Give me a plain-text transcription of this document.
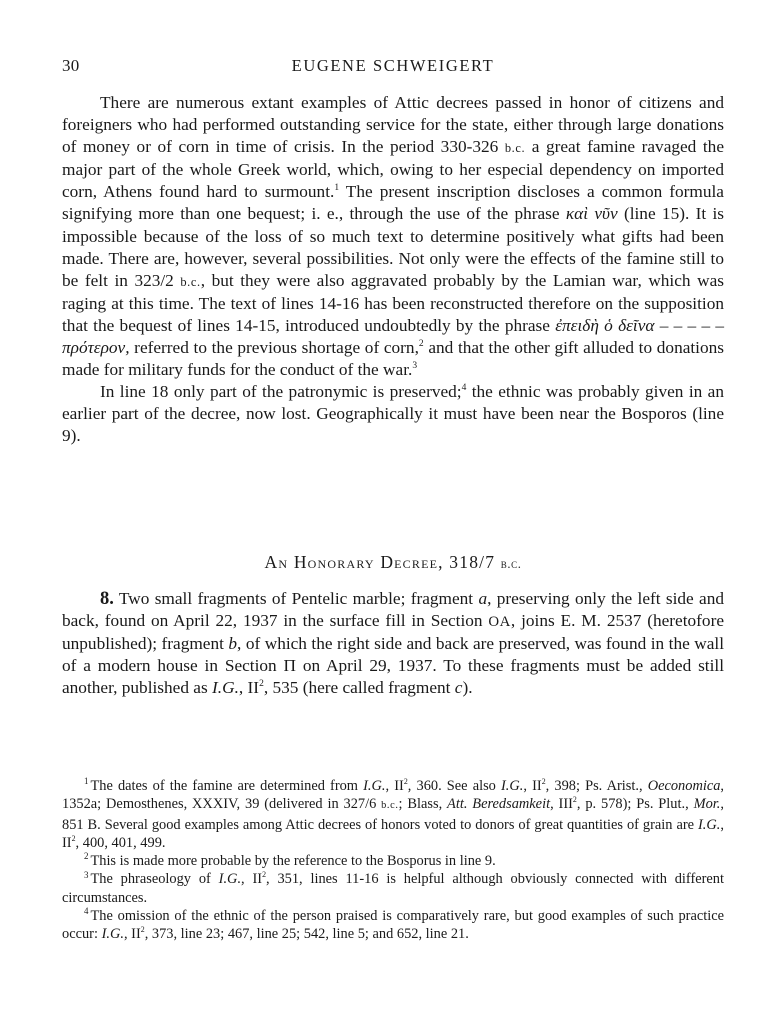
30	EUGENE SCHWEIGERT

There are numerous extant examples of Attic decrees passed in honor of citizens and foreigners who had performed outstanding service for the state, either through large donations of money or of corn in time of crisis. In the period 330-326 b.c. a great famine ravaged the major part of the whole Greek world, which, owing to her especial dependency on imported corn, Athens found hard to surmount.$^1$ The present inscription discloses a common formula signifying more than one bequest; i. e., through the use of the phrase καὶ νῦν (line 15). It is impossible because of the loss of so much text to determine positively what gifts had been made. There are, however, several possibilities. Not only were the effects of the famine still to be felt in 323/2 b.c., but they were also aggravated probably by the Lamian war, which was raging at this time. The text of lines 14-16 has been reconstructed therefore on the supposition that the bequest of lines 14-15, introduced undoubtedly by the phrase ἐπειδὴ ὁ δεῖνα – – – – – πρότερον, referred to the previous shortage of corn,$^2$ and that the other gift alluded to donations made for military funds for the conduct of the war.$^3$

In line 18 only part of the patronymic is preserved;$^4$ the ethnic was probably given in an earlier part of the decree, now lost. Geographically it must have been near the Bosporos (line 9).

An Honorary Decree, 318/7 b.c.

8. Two small fragments of Pentelic marble; fragment a, preserving only the left side and back, found on April 22, 1937 in the surface fill in Section OA, joins E. M. 2537 (heretofore unpublished); fragment b, of which the right side and back are preserved, was found in the wall of a modern house in Section Π on April 29, 1937. To these fragments must be added still another, published as I.G., $II^2$, 535 (here called fragment c).

$^1$ The dates of the famine are determined from I.G., $II^2$, 360. See also I.G., $II^2$, 398; Ps. Arist., Oeconomica, 1352a; Demosthenes, XXXIV, 39 (delivered in 327/6 b.c.; Blass, Att. Beredsamkeit, III$^2$, p. 578); Ps. Plut., Mor., 851 B. Several good examples among Attic decrees of honors voted to donors of great quantities of grain are I.G., $II^2$, 400, 401, 499.

$^2$ This is made more probable by the reference to the Bosporus in line 9.

$^3$ The phraseology of I.G., $II^2$, 351, lines 11-16 is helpful although obviously connected with different circumstances.

$^4$ The omission of the ethnic of the person praised is comparatively rare, but good examples of such practice occur: I.G., $II^2$, 373, line 23; 467, line 25; 542, line 5; and 652, line 21.
